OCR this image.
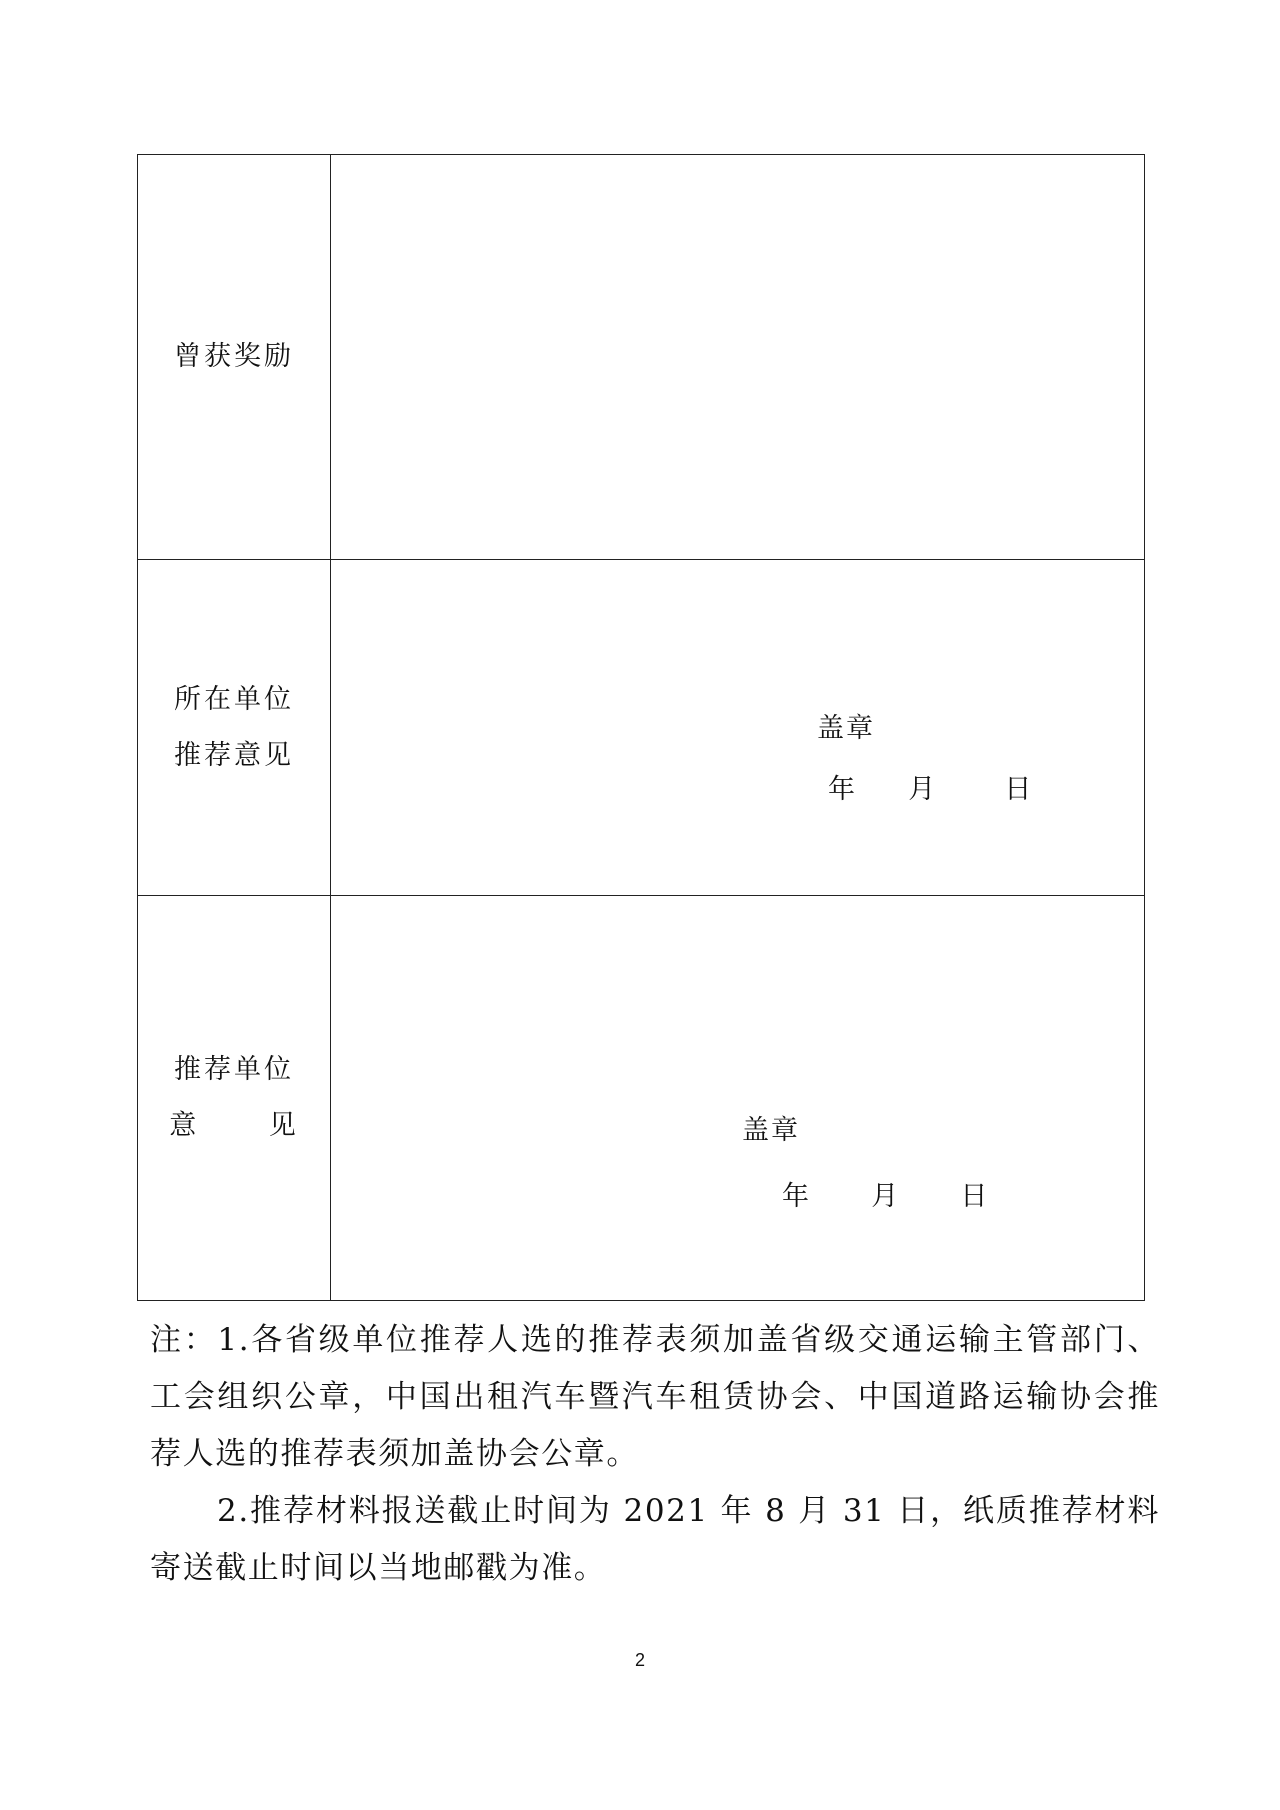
曾获奖励	

所在单位
推荐意见	盖章
年 月 日

推荐单位
意      见	盖章
年 月 日

注：1.各省级单位推荐人选的推荐表须加盖省级交通运输主管部门、工会组织公章，中国出租汽车暨汽车租赁协会、中国道路运输协会推荐人选的推荐表须加盖协会公章。

2.推荐材料报送截止时间为 2021 年 8 月 31 日，纸质推荐材料寄送截止时间以当地邮戳为准。

2
